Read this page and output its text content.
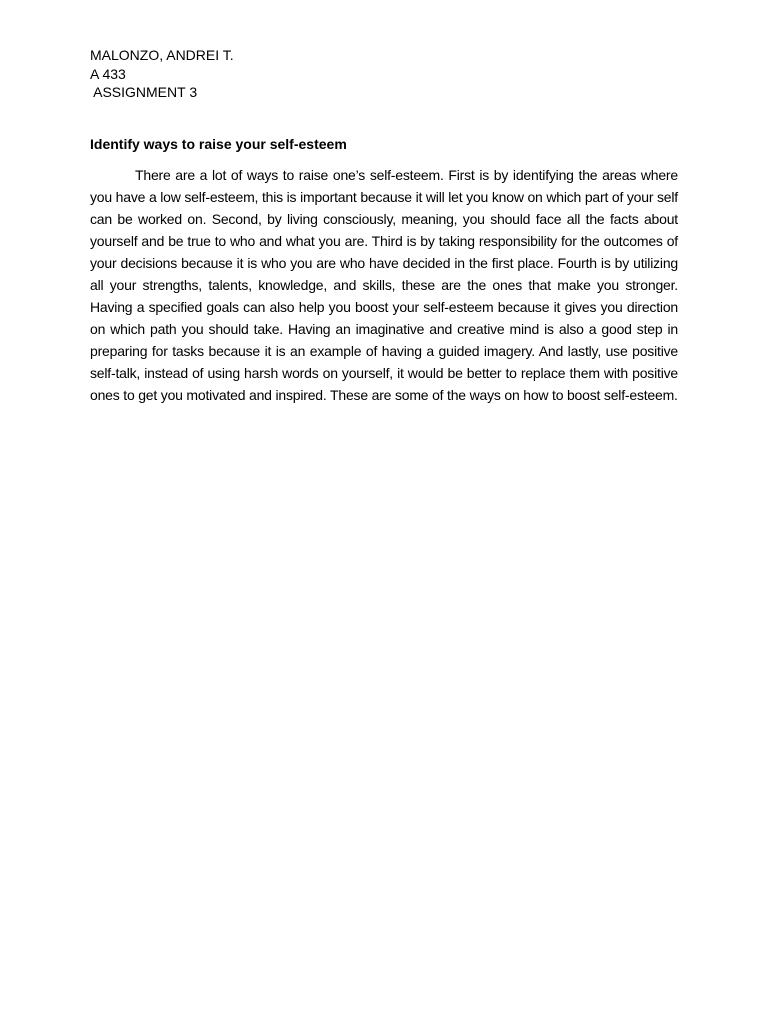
MALONZO, ANDREI T.

A 433

ASSIGNMENT 3

Identify ways to raise your self-esteem

There are a lot of ways to raise one’s self-esteem. First is by identifying the areas where you have a low self-esteem, this is important because it will let you know on which part of your self can be worked on. Second, by living consciously, meaning, you should face all the facts about yourself and be true to who and what you are. Third is by taking responsibility for the outcomes of your decisions because it is who you are who have decided in the first place. Fourth is by utilizing all your strengths, talents, knowledge, and skills, these are the ones that make you stronger. Having a specified goals can also help you boost your self-esteem because it gives you direction on which path you should take. Having an imaginative and creative mind is also a good step in preparing for tasks because it is an example of having a guided imagery. And lastly, use positive self-talk, instead of using harsh words on yourself, it would be better to replace them with positive ones to get you motivated and inspired. These are some of the ways on how to boost self-esteem.
